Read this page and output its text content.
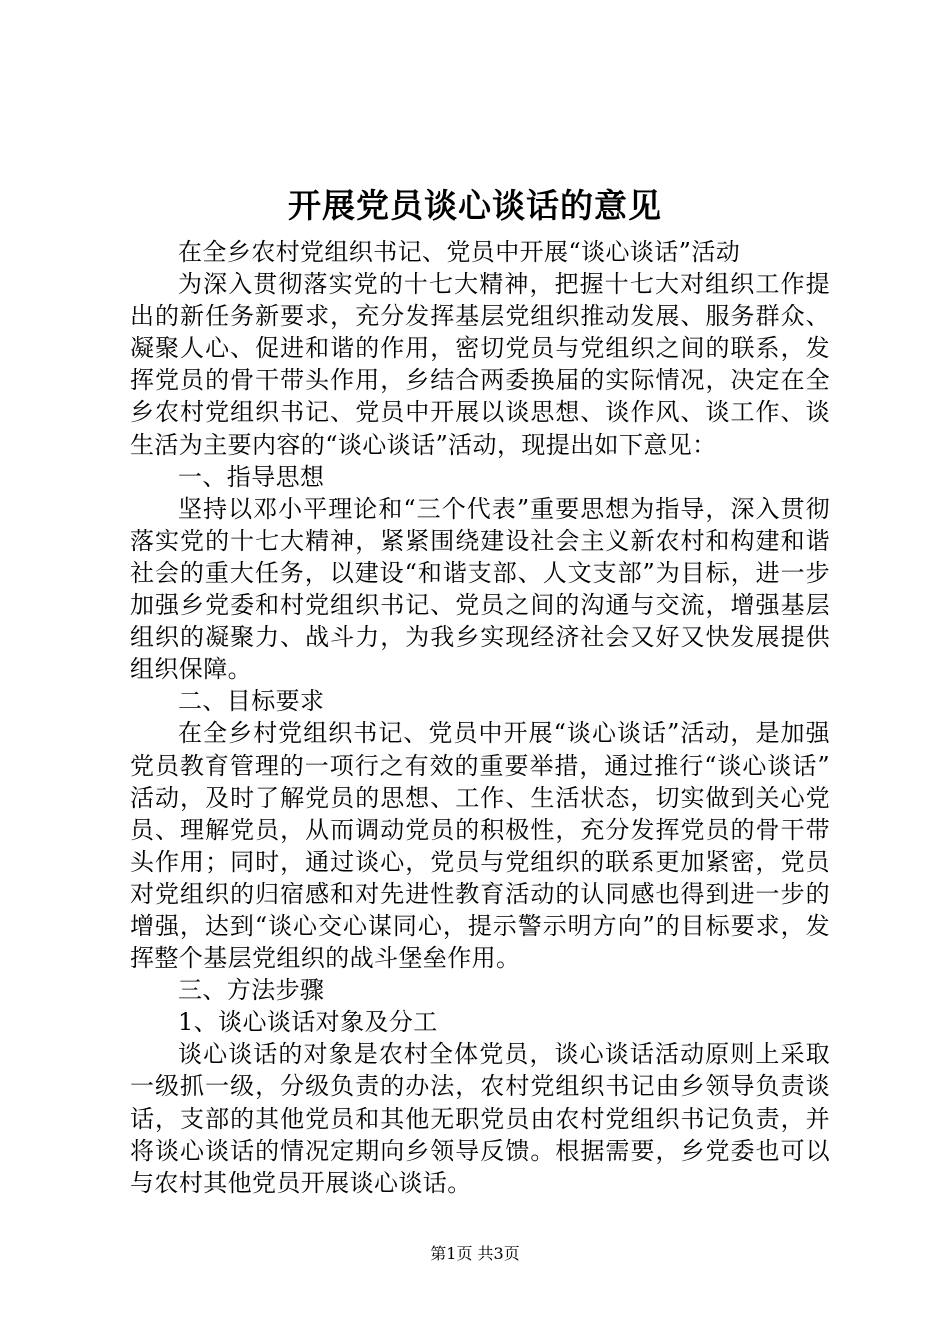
开展党员谈心谈话的意见

在全乡农村党组织书记、党员中开展“谈心谈话”活动

为深入贯彻落实党的十七大精神，把握十七大对组织工作提出的新任务新要求，充分发挥基层党组织推动发展、服务群众、凝聚人心、促进和谐的作用，密切党员与党组织之间的联系，发挥党员的骨干带头作用，乡结合两委换届的实际情况，决定在全乡农村党组织书记、党员中开展以谈思想、谈作风、谈工作、谈生活为主要内容的“谈心谈话”活动，现提出如下意见：

一、指导思想

坚持以邓小平理论和“三个代表”重要思想为指导，深入贯彻落实党的十七大精神，紧紧围绕建设社会主义新农村和构建和谐社会的重大任务，以建设“和谐支部、人文支部”为目标，进一步加强乡党委和村党组织书记、党员之间的沟通与交流，增强基层组织的凝聚力、战斗力，为我乡实现经济社会又好又快发展提供组织保障。

二、目标要求

在全乡村党组织书记、党员中开展“谈心谈话”活动，是加强党员教育管理的一项行之有效的重要举措，通过推行“谈心谈话”活动，及时了解党员的思想、工作、生活状态，切实做到关心党员、理解党员，从而调动党员的积极性，充分发挥党员的骨干带头作用；同时，通过谈心，党员与党组织的联系更加紧密，党员对党组织的归宿感和对先进性教育活动的认同感也得到进一步的增强，达到“谈心交心谋同心，提示警示明方向”的目标要求，发挥整个基层党组织的战斗堡垒作用。

三、方法步骤

1、谈心谈话对象及分工

谈心谈话的对象是农村全体党员，谈心谈话活动原则上采取一级抓一级，分级负责的办法，农村党组织书记由乡领导负责谈话，支部的其他党员和其他无职党员由农村党组织书记负责，并将谈心谈话的情况定期向乡领导反馈。根据需要，乡党委也可以与农村其他党员开展谈心谈话。

第1页 共3页
